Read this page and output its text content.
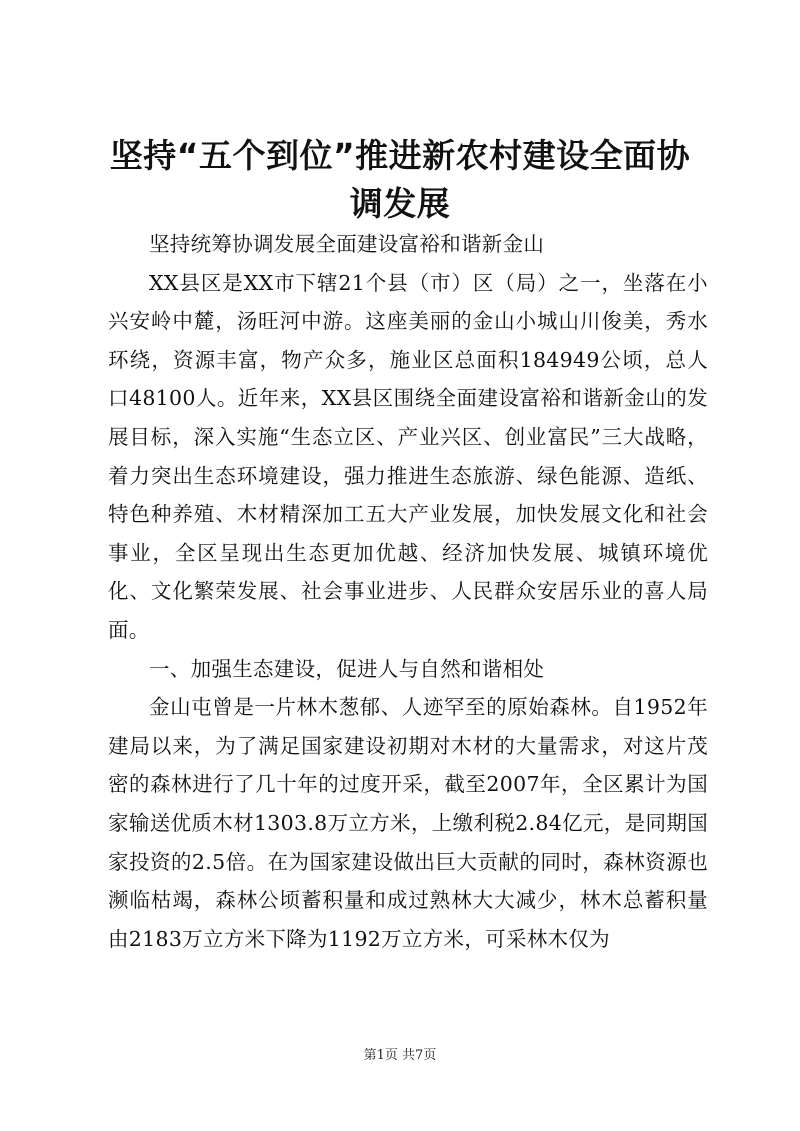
坚持“五个到位”推进新农村建设全面协调发展

坚持统筹协调发展全面建设富裕和谐新金山

XX县区是XX市下辖21个县（市）区（局）之一，坐落在小兴安岭中麓，汤旺河中游。这座美丽的金山小城山川俊美，秀水环绕，资源丰富，物产众多，施业区总面积184949公顷，总人口48100人。近年来，XX县区围绕全面建设富裕和谐新金山的发展目标，深入实施“生态立区、产业兴区、创业富民”三大战略，着力突出生态环境建设，强力推进生态旅游、绿色能源、造纸、特色种养殖、木材精深加工五大产业发展，加快发展文化和社会事业，全区呈现出生态更加优越、经济加快发展、城镇环境优化、文化繁荣发展、社会事业进步、人民群众安居乐业的喜人局面。

一、加强生态建设，促进人与自然和谐相处

金山屯曾是一片林木葱郁、人迹罕至的原始森林。自1952年建局以来，为了满足国家建设初期对木材的大量需求，对这片茂密的森林进行了几十年的过度开采，截至2007年，全区累计为国家输送优质木材1303.8万立方米，上缴利税2.84亿元，是同期国家投资的2.5倍。在为国家建设做出巨大贡献的同时，森林资源也濒临枯竭，森林公顷蓄积量和成过熟林大大减少，林木总蓄积量由2183万立方米下降为1192万立方米，可采林木仅为

第1页 共7页
